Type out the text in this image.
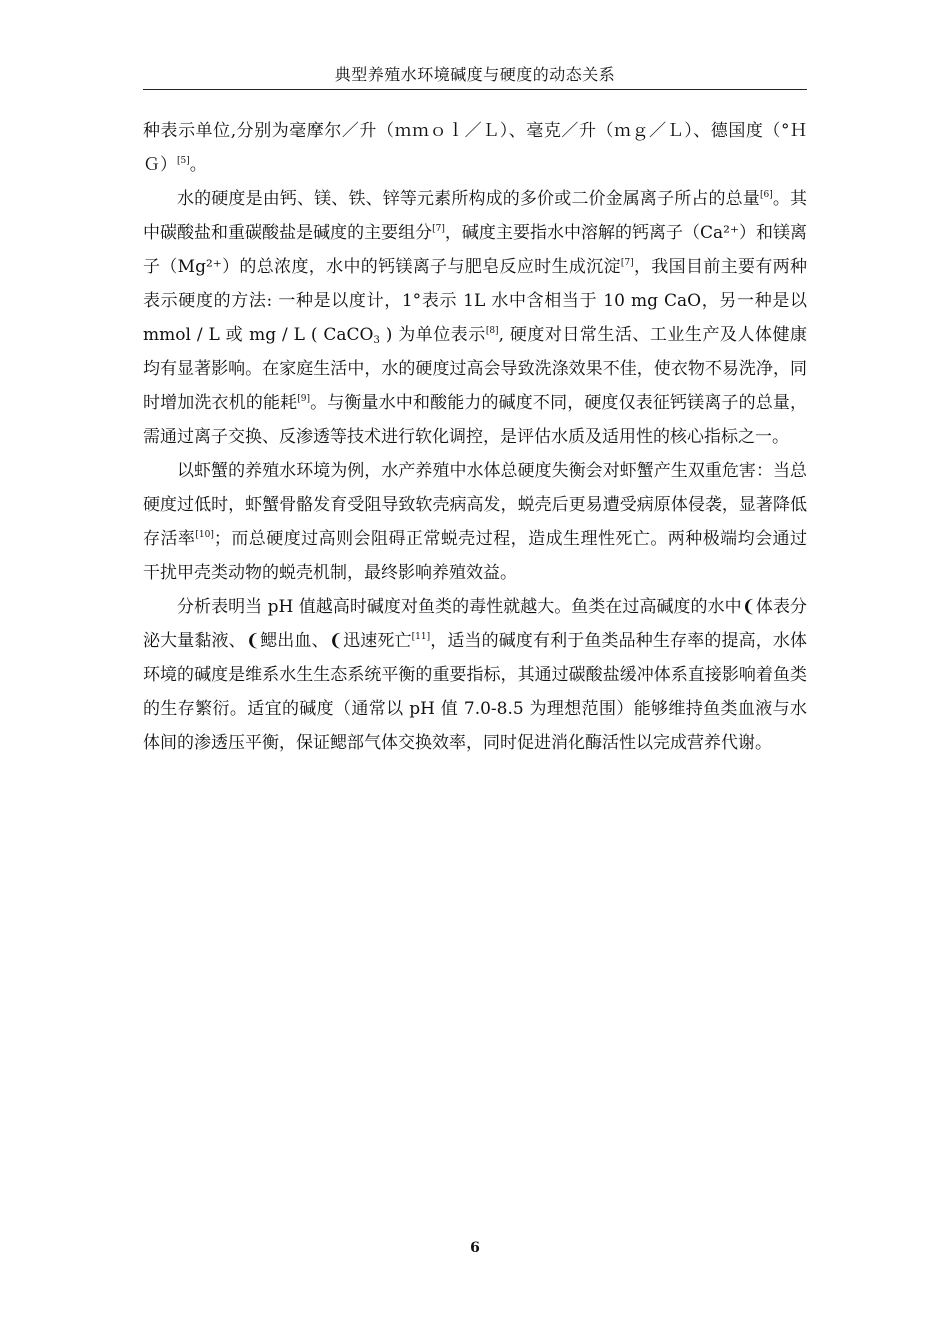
典型养殖水环境碱度与硬度的动态关系

种表示单位,分别为毫摩尔／升（ｍｍｏｌ／Ｌ）、毫克／升（ｍｇ／Ｌ）、德国度（°ＨＧ）[5]。

水的硬度是由钙、镁、铁、锌等元素所构成的多价或二价金属离子所占的总量[6]。其中碳酸盐和重碳酸盐是碱度的主要组分[7]，碱度主要指水中溶解的钙离子（Ca²⁺）和镁离子（Mg²⁺）的总浓度，水中的钙镁离子与肥皂反应时生成沉淀[7]，我国目前主要有两种表示硬度的方法: 一种是以度计，1°表示 1L 水中含相当于 10 mg CaO，另一种是以 mmol / L 或 mg / L ( CaCO$_3$ ) 为单位表示[8], 硬度对日常生活、工业生产及人体健康均有显著影响。在家庭生活中，水的硬度过高会导致洗涤效果不佳，使衣物不易洗净，同时增加洗衣机的能耗[9]。与衡量水中和酸能力的碱度不同，硬度仅表征钙镁离子的总量，需通过离子交换、反渗透等技术进行软化调控，是评估水质及适用性的核心指标之一。

以虾蟹的养殖水环境为例，水产养殖中水体总硬度失衡会对虾蟹产生双重危害：当总硬度过低时，虾蟹骨骼发育受阻导致软壳病高发，蜕壳后更易遭受病原体侵袭，显著降低存活率[10]；而总硬度过高则会阻碍正常蜕壳过程，造成生理性死亡。两种极端均会通过干扰甲壳类动物的蜕壳机制，最终影响养殖效益。

分析表明当 pH 值越高时碱度对鱼类的毒性就越大。鱼类在过高碱度的水中❨体表分泌大量黏液、❨鳃出血、❨迅速死亡[11]，适当的碱度有利于鱼类品种生存率的提高，水体环境的碱度是维系水生生态系统平衡的重要指标，其通过碳酸盐缓冲体系直接影响着鱼类的生存繁衍。适宜的碱度（通常以 pH 值 7.0-8.5 为理想范围）能够维持鱼类血液与水体间的渗透压平衡，保证鳃部气体交换效率，同时促进消化酶活性以完成营养代谢。

6
